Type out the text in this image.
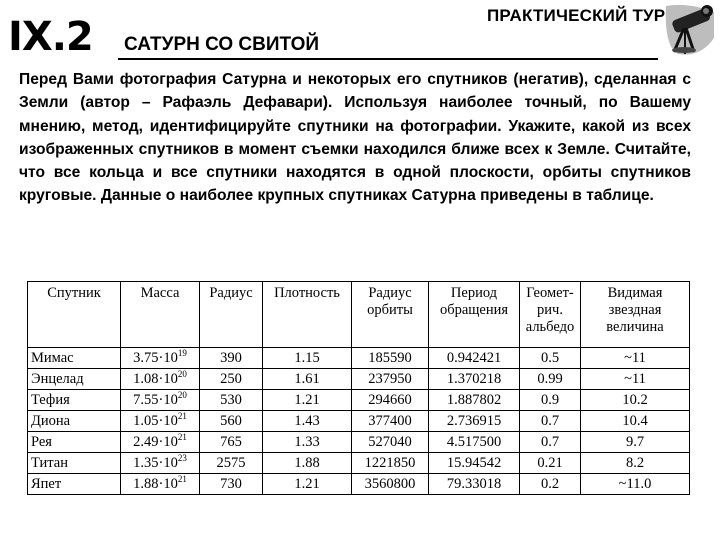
IX.2 САТУРН СО СВИТОЙ
ПРАКТИЧЕСКИЙ ТУР
Перед Вами фотография Сатурна и некоторых его спутников (негатив), сделанная с Земли (автор – Рафаэль Дефавари). Используя наиболее точный, по Вашему мнению, метод, идентифицируйте спутники на фотографии. Укажите, какой из всех изображенных спутников в момент съемки находился ближе всех к Земле. Считайте, что все кольца и все спутники находятся в одной плоскости, орбиты спутников круговые. Данные о наиболее крупных спутниках Сатурна приведены в таблице.
Спутник	Масса	Радиус	Плотность	Радиус орбиты	Период обращения	Геомет-рич. альбедо	Видимая звездная величина
Мимас	$3.75\cdot 10^{19}$	390	1.15	185590	0.942421	0.5	~11
Энцелад	$1.08\cdot 10^{20}$	250	1.61	237950	1.370218	0.99	~11
Тефия	$7.55\cdot 10^{20}$	530	1.21	294660	1.887802	0.9	10.2
Диона	$1.05\cdot 10^{21}$	560	1.43	377400	2.736915	0.7	10.4
Рея	$2.49\cdot 10^{21}$	765	1.33	527040	4.517500	0.7	9.7
Титан	$1.35\cdot 10^{23}$	2575	1.88	1221850	15.94542	0.21	8.2
Япет	$1.88\cdot 10^{21}$	730	1.21	3560800	79.33018	0.2	~11.0
